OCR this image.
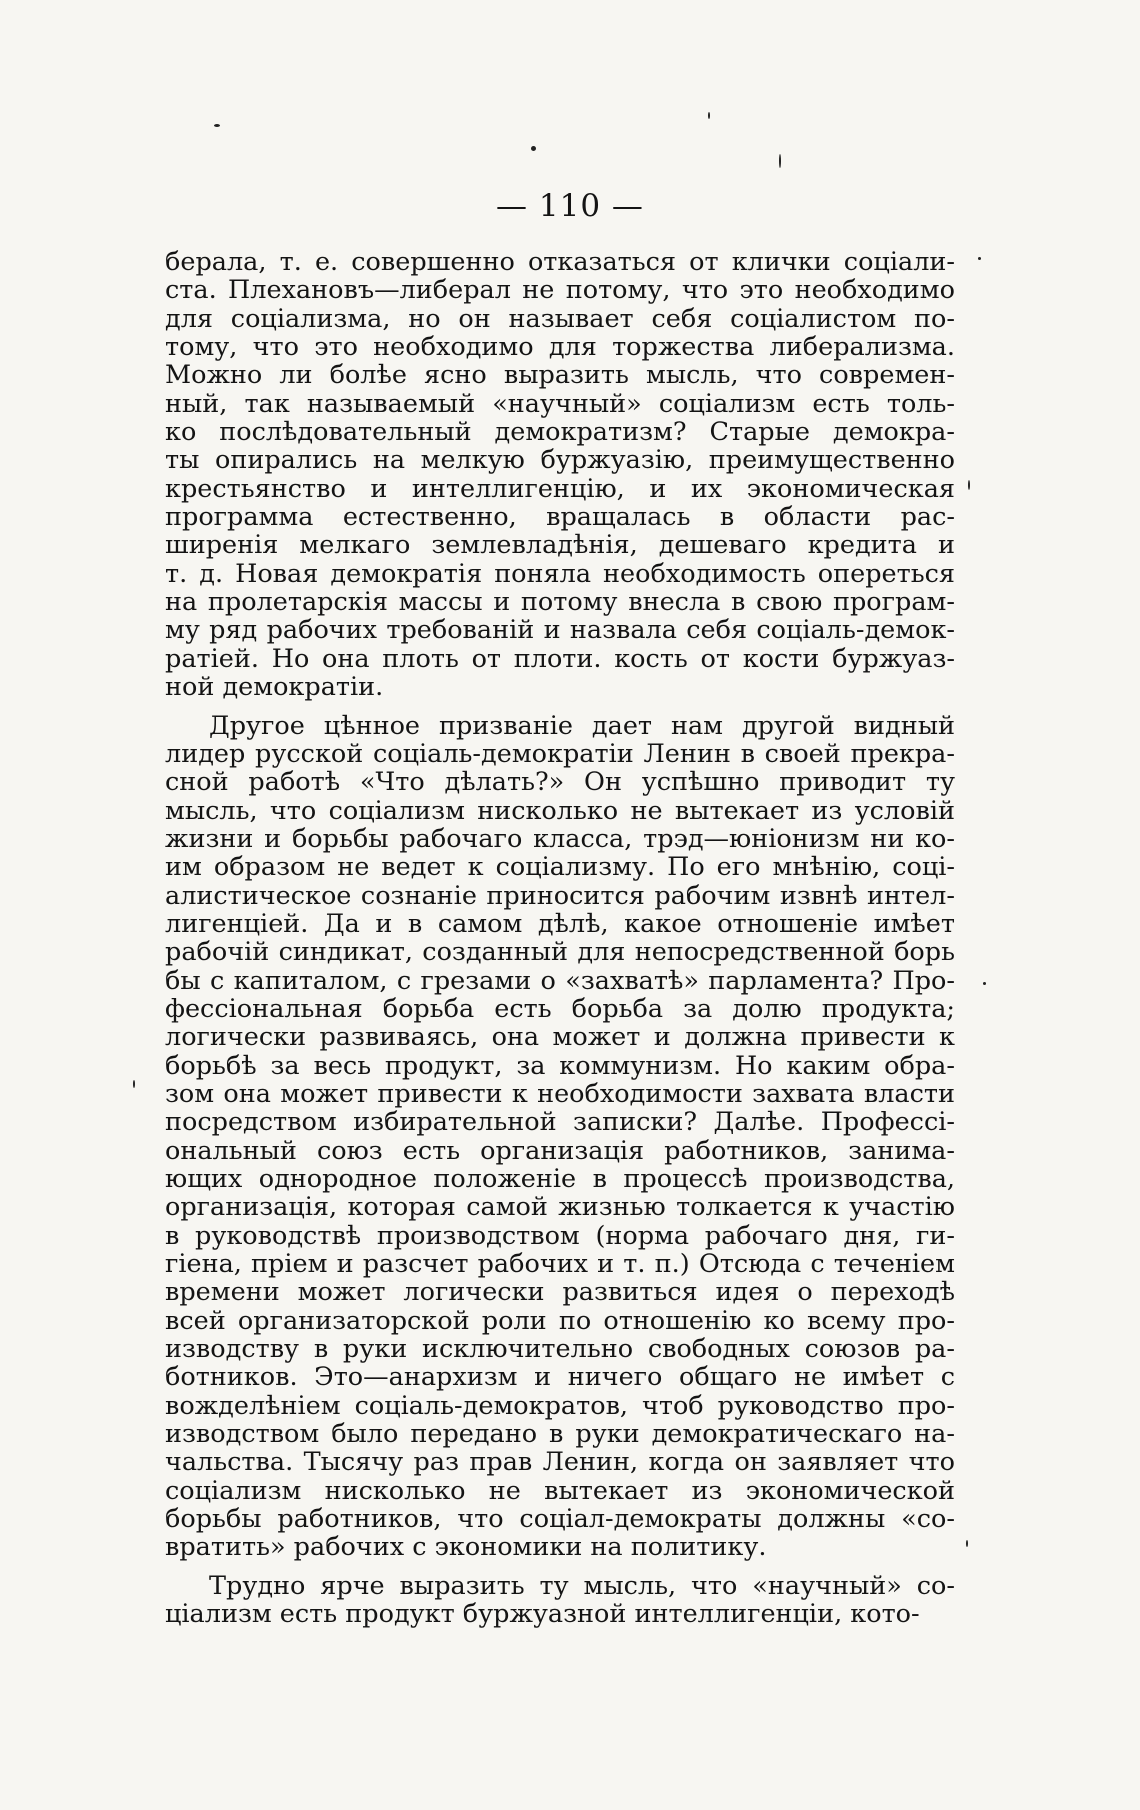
— 110 —
берала, т. е. совершенно отказаться от клички соціали-
ста. Плехановъ—либерал не потому, что это необходимо
для соціализма, но он называет себя соціалистом по-
тому, что это необходимо для торжества либерализма.
Можно ли болѣе ясно выразить мысль, что современ-
ный, так называемый «научный» соціализм есть толь-
ко послѣдовательный демократизм? Старые демокра-
ты опирались на мелкую буржуазію, преимущественно
крестьянство и интеллигенцію, и их экономическая
программа естественно, вращалась в области рас-
ширенія мелкаго землевладѣнія, дешеваго кредита и
т. д. Новая демократія поняла необходимость опереться
на пролетарскія массы и потому внесла в свою програм-
му ряд рабочих требованій и назвала себя соціаль-демок-
ратіей. Но она плоть от плоти. кость от кости буржуаз-
ной демократіи.
Другое цѣнное призваніе дает нам другой видный
лидер русской соціаль-демократіи Ленин в своей прекра-
сной работѣ «Что дѣлать?» Он успѣшно приводит ту
мысль, что соціализм нисколько не вытекает из условій
жизни и борьбы рабочаго класса, трэд—юніонизм ни ко-
им образом не ведет к соціализму. По его мнѣнію, соці-
алистическое сознаніе приносится рабочим извнѣ интел-
лигенціей. Да и в самом дѣлѣ, какое отношеніе имѣет
рабочій синдикат, созданный для непосредственной борь
бы с капиталом, с грезами о «захватѣ» парламента? Про-
фессіональная борьба есть борьба за долю продукта;
логически развиваясь, она может и должна привести к
борьбѣ за весь продукт, за коммунизм. Но каким обра-
зом она может привести к необходимости захвата власти
посредством избирательной записки? Далѣе. Профессі-
ональный союз есть организація работников, занима-
ющих однородное положеніе в процессѣ производства,
организація, которая самой жизнью толкается к участію
в руководствѣ производством (норма рабочаго дня, ги-
гіена, пріем и разсчет рабочих и т. п.) Отсюда с теченіем
времени может логически развиться идея о переходѣ
всей организаторской роли по отношенію ко всему про-
изводству в руки исключительно свободных союзов ра-
ботников. Это—анархизм и ничего общаго не имѣет с
вожделѣніем соціаль-демократов, чтоб руководство про-
изводством было передано в руки демократическаго на-
чальства. Тысячу раз прав Ленин, когда он заявляет что
соціализм нисколько не вытекает из экономической
борьбы работников, что соціал-демократы должны «со-
вратить» рабочих с экономики на политику.
Трудно ярче выразить ту мысль, что «научный» со-
ціализм есть продукт буржуазной интеллигенціи, кото-
